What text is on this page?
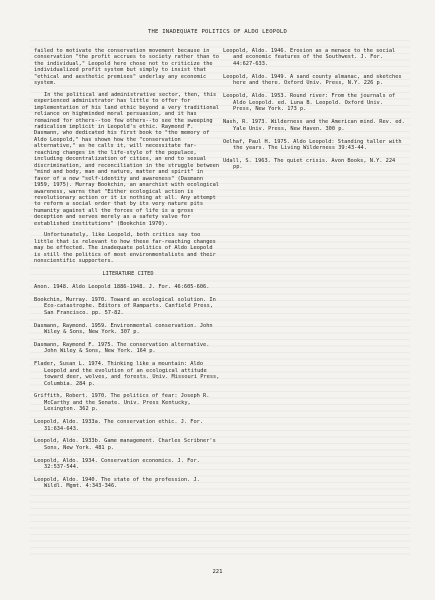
THE INADEQUATE POLITICS OF ALDO LEOPOLD

failed to motivate the conservation movement because in conservation "the profit accrues to society rather than to the individual," Leopold here chose not to criticize the individualized profit system but simply to insist that "ethical and aesthetic premises" underlay any economic system.

In the political and administrative sector, then, this experienced administrator has little to offer for implementation of his land ethic beyond a very traditional reliance on highminded moral persuasion, and it has remained for others--too few others--to see the sweeping radicalism implicit in Leopold's ethic. Raymond F. Dasmann, who dedicated his first book to "the memory of Aldo Leopold," has shown how the "conservation alternative," as he calls it, will necessitate far-reaching changes in the life-style of the populace, including decentralization of cities, an end to sexual discrimination, and reconciliation in the struggle between "mind and body, man and nature, matter and spirit" in favor of a new "self-identity and awareness" (Dasmann 1959, 1975). Murray Bookchin, an anarchist with ecological awareness, warns that "Either ecological action is revolutionary action or it is nothing at all. Any attempt to reform a social order that by its very nature pits humanity against all the forces of life is a gross deception and serves merely as a safety valve for established institutions" (Bookchin 1970).

Unfortunately, like Leopold, both critics say too little that is relevant to how these far-reaching changes may be effected. The inadequate politics of Aldo Leopold is still the politics of most environmentalists and their nonscientific supporters.

LITERATURE CITED
Anon. 1948. Aldo Leopold 1886-1948. J. For. 46:605-606.
Bookchin, Murray. 1970. Toward an ecological solution. In Eco-catastrophe. Editors of Ramparts. Canfield Press, San Francisco. pp. 57-82.
Dasmann, Raymond. 1959. Environmental conservation. John Wiley & Sons, New York. 307 p.
Dasmann, Raymond F. 1975. The conservation alternative. John Wiley & Sons, New York. 164 p.
Flader, Susan L. 1974. Thinking like a mountain: Aldo Leopold and the evolution of an ecological attitude toward deer, wolves, and forests. Univ. Missouri Press, Columbia. 284 p.
Griffith, Robert. 1970. The politics of fear: Joseph R. McCarthy and the Senate. Univ. Press Kentucky, Lexington. 362 p.
Leopold, Aldo. 1933a. The conservation ethic. J. For. 31:634-643.
Leopold, Aldo. 1933b. Game management. Charles Scribner's Sons, New York. 481 p.
Leopold, Aldo. 1934. Conservation economics. J. For. 32:537-544.
Leopold, Aldo. 1940. The state of the profession. J. Wildl. Mgmt. 4:343-346.
Leopold, Aldo. 1946. Erosion as a menace to the social and economic features of the Southwest. J. For. 44:627-633.
Leopold, Aldo. 1949. A sand county almanac, and sketches here and there. Oxford Univ. Press, N.Y. 226 p.
Leopold, Aldo. 1953. Round river: From the journals of Aldo Leopold. ed. Luna B. Leopold. Oxford Univ. Press, New York. 173 p.
Nash, R. 1973. Wilderness and the American mind. Rev. ed. Yale Univ. Press, New Haven. 300 p.
Oelhaf, Paul H. 1975. Aldo Leopold: Standing taller with the years. The Living Wilderness 39:43-44.
Udall, S. 1963. The quiet crisis. Avon Books, N.Y. 224 pp.
221
